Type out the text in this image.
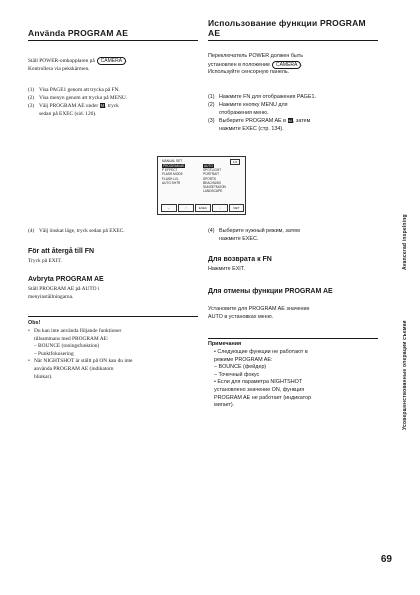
Använda PROGRAM AE
Ställ POWER-omkopplaren på CAMERA .
Kontrollera via pekskärmen.
(1) Visa PAGE1 genom att trycka på FN.
(2) Visa menyn genom att trycka på MENU.
(3) Välj PROGRAM AE under M, tryck
sedan på EXEC (sid. 126).
MANUAL SET	1/3
PROGRAM AE
P EFFECT
FLASH MODE
FLASH LVL
AUTO SHTR
AUTO
SPOTLIGHT
PORTRAIT
SPORTS
BEACH&SKI
SUNSETMOON
LANDSCAPE
←	↑	EXEC	↓	RET
(4) Välj önskat läge, tryck sedan på EXEC.
För att återgå till FN
Tryck på EXIT.
Avbryta PROGRAM AE
Ställ PROGRAM AE på AUTO i
menyinställningarna.
Obs!
• Du kan inte använda följande funktioner
tillsammans med PROGRAM AE:
– BOUNCE (toningsfunktion)
– Punktfokusering
• När NIGHTSHOT är ställt på ON kan du inte
använda PROGRAM AE (indikatorn
blinkar).
Использование функции PROGRAM AE
Переключатель POWER должен быть
установлен в положение CAMERA .
Используйте сенсорную панель.
(1) Нажмите FN для отображения PAGE1.
(2) Нажмите кнопку MENU для
отображения меню.
(3) Выберите PROGRAM AE в M, затем
нажмите EXEC (стр. 134).
(4) Выберите нужный режим, затем
нажмите EXEC.
Для возврата к FN
Нажмите EXIT.
Для отмены функции PROGRAM AE
Установите для PROGRAM AE значение
AUTO в установках меню.
Примечания
• Следующие функции не работают в
режиме PROGRAM AE:
– BOUNCE (фейдер)
– Точечный фокус
• Если для параметра NIGHTSHOT
установлено значение ON, функция
PROGRAM AE не работает (индикатор
мигает).
Avancerad inspelning
Усовершенствованные операции съемки
69
